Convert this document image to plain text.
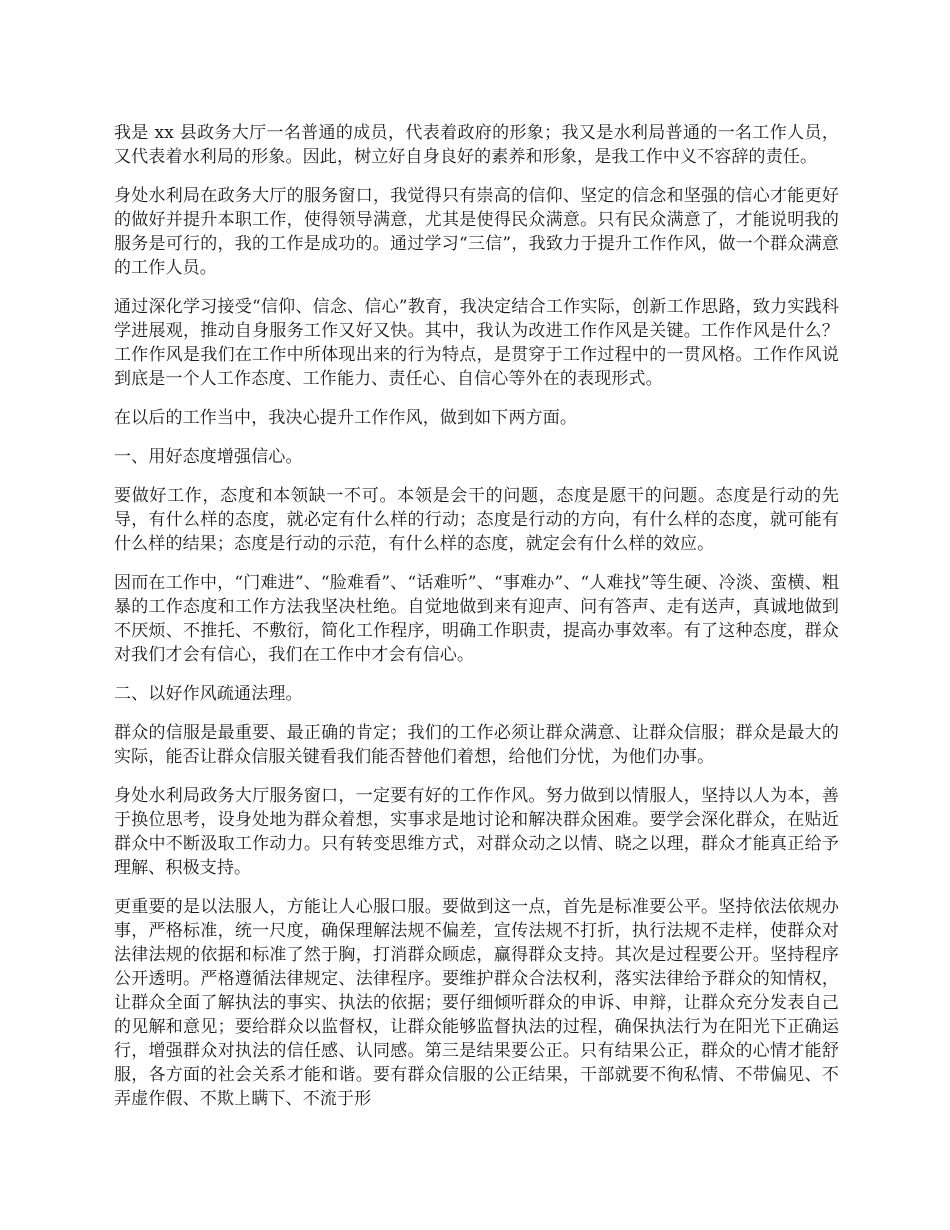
我是 xx 县政务大厅一名普通的成员，代表着政府的形象；我又是水利局普通的一名工作人员，又代表着水利局的形象。因此，树立好自身良好的素养和形象，是我工作中义不容辞的责任。

身处水利局在政务大厅的服务窗口，我觉得只有崇高的信仰、坚定的信念和坚强的信心才能更好的做好并提升本职工作，使得领导满意，尤其是使得民众满意。只有民众满意了，才能说明我的服务是可行的，我的工作是成功的。通过学习“三信”，我致力于提升工作作风，做一个群众满意的工作人员。

通过深化学习接受“信仰、信念、信心”教育，我决定结合工作实际，创新工作思路，致力实践科学进展观，推动自身服务工作又好又快。其中，我认为改进工作作风是关键。工作作风是什么？工作作风是我们在工作中所体现出来的行为特点，是贯穿于工作过程中的一贯风格。工作作风说到底是一个人工作态度、工作能力、责任心、自信心等外在的表现形式。

在以后的工作当中，我决心提升工作作风，做到如下两方面。

一、用好态度增强信心。

要做好工作，态度和本领缺一不可。本领是会干的问题，态度是愿干的问题。态度是行动的先导，有什么样的态度，就必定有什么样的行动；态度是行动的方向，有什么样的态度，就可能有什么样的结果；态度是行动的示范，有什么样的态度，就定会有什么样的效应。

因而在工作中，“门难进”、“脸难看”、“话难听”、“事难办”、“人难找”等生硬、冷淡、蛮横、粗暴的工作态度和工作方法我坚决杜绝。自觉地做到来有迎声、问有答声、走有送声，真诚地做到不厌烦、不推托、不敷衍，简化工作程序，明确工作职责，提高办事效率。有了这种态度，群众对我们才会有信心，我们在工作中才会有信心。

二、以好作风疏通法理。

群众的信服是最重要、最正确的肯定；我们的工作必须让群众满意、让群众信服；群众是最大的实际，能否让群众信服关键看我们能否替他们着想，给他们分忧，为他们办事。

身处水利局政务大厅服务窗口，一定要有好的工作作风。努力做到以情服人，坚持以人为本，善于换位思考，设身处地为群众着想，实事求是地讨论和解决群众困难。要学会深化群众，在贴近群众中不断汲取工作动力。只有转变思维方式，对群众动之以情、晓之以理，群众才能真正给予理解、积极支持。

更重要的是以法服人，方能让人心服口服。要做到这一点，首先是标准要公平。坚持依法依规办事，严格标准，统一尺度，确保理解法规不偏差，宣传法规不打折，执行法规不走样，使群众对法律法规的依据和标准了然于胸，打消群众顾虑，赢得群众支持。其次是过程要公开。坚持程序公开透明。严格遵循法律规定、法律程序。要维护群众合法权利，落实法律给予群众的知情权，让群众全面了解执法的事实、执法的依据；要仔细倾听群众的申诉、申辩，让群众充分发表自己的见解和意见；要给群众以监督权，让群众能够监督执法的过程，确保执法行为在阳光下正确运行，增强群众对执法的信任感、认同感。第三是结果要公正。只有结果公正，群众的心情才能舒服，各方面的社会关系才能和谐。要有群众信服的公正结果，干部就要不徇私情、不带偏见、不弄虚作假、不欺上瞒下、不流于形
